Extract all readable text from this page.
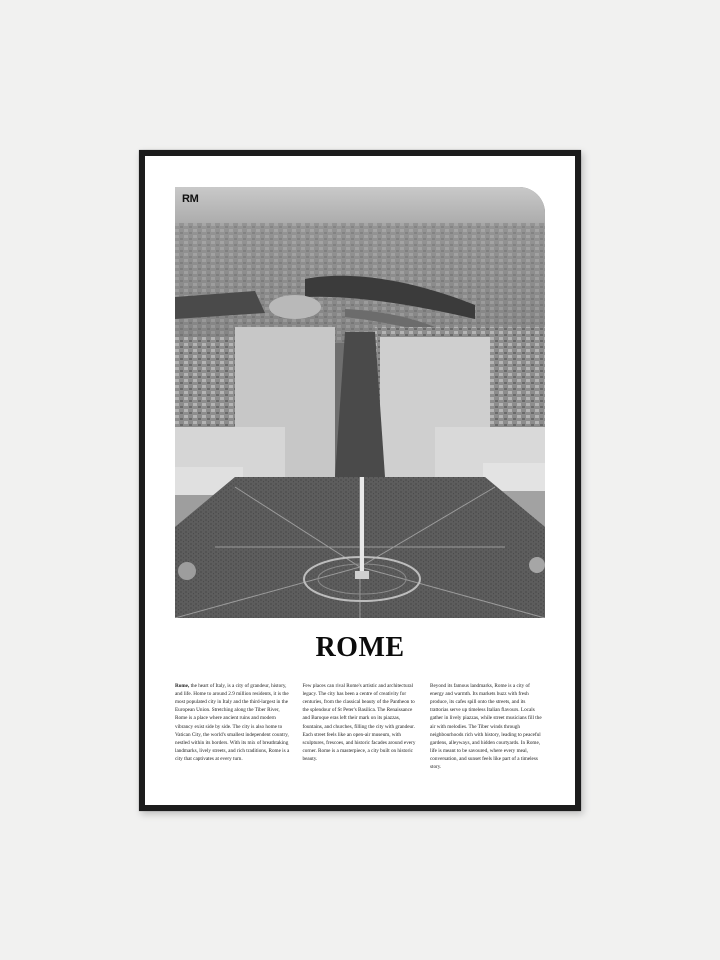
RM
ROME
Rome, the heart of Italy, is a city of grandeur, history, and life. Home to around 2.9 million residents, it is the most populated city in Italy and the third-largest in the European Union. Stretching along the Tiber River, Rome is a place where ancient ruins and modern vibrancy exist side by side. The city is also home to Vatican City, the world's smallest independent country, nestled within its borders. With its mix of breathtaking landmarks, lively streets, and rich traditions, Rome is a city that captivates at every turn.
Few places can rival Rome's artistic and architectural legacy. The city has been a centre of creativity for centuries, from the classical beauty of the Pantheon to the splendour of St Peter's Basilica. The Renaissance and Baroque eras left their mark on its piazzas, fountains, and churches, filling the city with grandeur. Each street feels like an open-air museum, with sculptures, frescoes, and historic facades around every corner. Rome is a masterpiece, a city built on historic beauty.
Beyond its famous landmarks, Rome is a city of energy and warmth. Its markets buzz with fresh produce, its cafes spill onto the streets, and its trattorias serve up timeless Italian flavours. Locals gather in lively piazzas, while street musicians fill the air with melodies. The Tiber winds through neighbourhoods rich with history, leading to peaceful gardens, alleyways, and hidden courtyards. In Rome, life is meant to be savoured, where every meal, conversation, and sunset feels like part of a timeless story.
